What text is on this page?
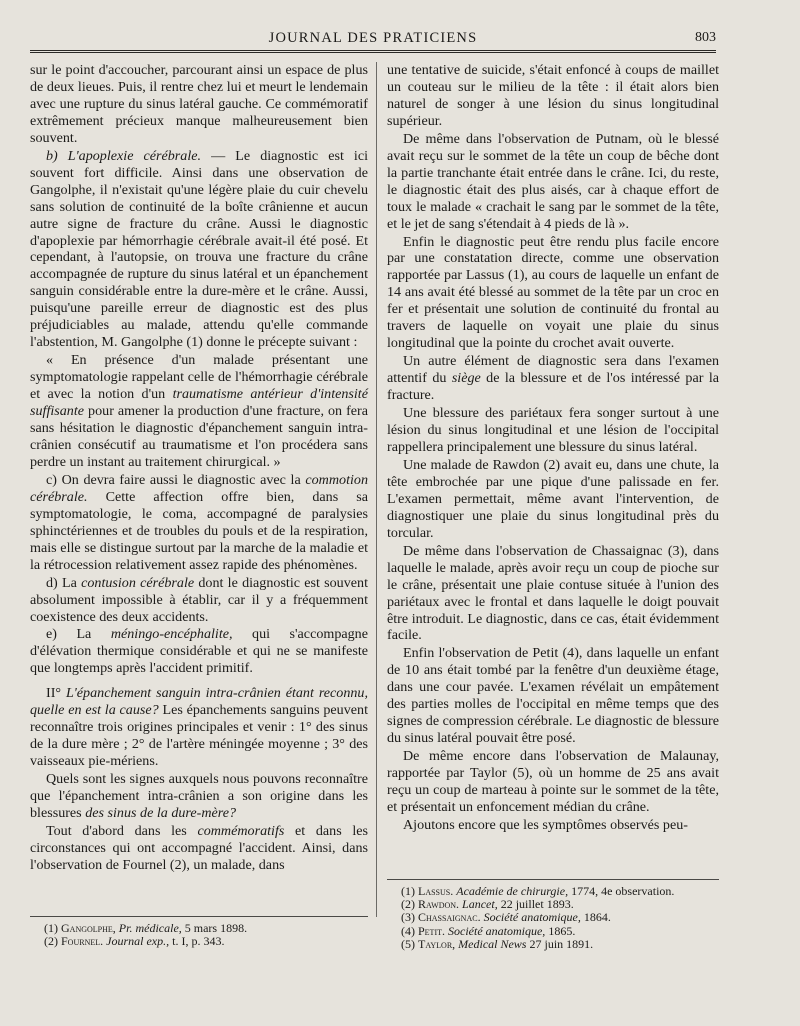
JOURNAL DES PRATICIENS	803

sur le point d'accoucher, parcourant ainsi un espace de plus de deux lieues. Puis, il rentre chez lui et meurt le lendemain avec une rupture du sinus latéral gauche. Ce commémoratif extrêmement précieux manque malheureusement bien souvent.

b) L'apoplexie cérébrale. — Le diagnostic est ici souvent fort difficile. Ainsi dans une observation de Gangolphe, il n'existait qu'une légère plaie du cuir chevelu sans solution de continuité de la boîte crânienne et aucun autre signe de fracture du crâne. Aussi le diagnostic d'apoplexie par hémorrhagie cérébrale avait-il été posé. Et cependant, à l'autopsie, on trouva une fracture du crâne accompagnée de rupture du sinus latéral et un épanchement sanguin considérable entre la dure-mère et le crâne. Aussi, puisqu'une pareille erreur de diagnostic est des plus préjudiciables au malade, attendu qu'elle commande l'abstention, M. Gangolphe (1) donne le précepte suivant :

« En présence d'un malade présentant une symptomatologie rappelant celle de l'hémorrhagie cérébrale et avec la notion d'un traumatisme antérieur d'intensité suffisante pour amener la production d'une fracture, on fera sans hésitation le diagnostic d'épanchement sanguin intra-crânien consécutif au traumatisme et l'on procédera sans perdre un instant au traitement chirurgical. »

c) On devra faire aussi le diagnostic avec la commotion cérébrale. Cette affection offre bien, dans sa symptomatologie, le coma, accompagné de paralysies sphinctériennes et de troubles du pouls et de la respiration, mais elle se distingue surtout par la marche de la maladie et la rétrocession relativement assez rapide des phénomènes.

d) La contusion cérébrale dont le diagnostic est souvent absolument impossible à établir, car il y a fréquemment coexistence des deux accidents.

e) La méningo-encéphalite, qui s'accompagne d'élévation thermique considérable et qui ne se manifeste que longtemps après l'accident primitif.

II° L'épanchement sanguin intra-crânien étant reconnu, quelle en est la cause? Les épanchements sanguins peuvent reconnaître trois origines principales et venir : 1° des sinus de la dure mère ; 2° de l'artère méningée moyenne ; 3° des vaisseaux pie-mériens.

Quels sont les signes auxquels nous pouvons reconnaître que l'épanchement intra-crânien a son origine dans les blessures des sinus de la dure-mère?

Tout d'abord dans les commémoratifs et dans les circonstances qui ont accompagné l'accident. Ainsi, dans l'observation de Fournel (2), un malade, dans

une tentative de suicide, s'était enfoncé à coups de maillet un couteau sur le milieu de la tête : il était alors bien naturel de songer à une lésion du sinus longitudinal supérieur.

De même dans l'observation de Putnam, où le blessé avait reçu sur le sommet de la tête un coup de bêche dont la partie tranchante était entrée dans le crâne. Ici, du reste, le diagnostic était des plus aisés, car à chaque effort de toux le malade « crachait le sang par le sommet de la tête, et le jet de sang s'étendait à 4 pieds de là ».

Enfin le diagnostic peut être rendu plus facile encore par une constatation directe, comme une observation rapportée par Lassus (1), au cours de laquelle un enfant de 14 ans avait été blessé au sommet de la tête par un croc en fer et présentait une solution de continuité du frontal au travers de laquelle on voyait une plaie du sinus longitudinal que la pointe du crochet avait ouverte.

Un autre élément de diagnostic sera dans l'examen attentif du siège de la blessure et de l'os intéressé par la fracture.

Une blessure des pariétaux fera songer surtout à une lésion du sinus longitudinal et une lésion de l'occipital rappellera principalement une blessure du sinus latéral.

Une malade de Rawdon (2) avait eu, dans une chute, la tête embrochée par une pique d'une palissade en fer. L'examen permettait, même avant l'intervention, de diagnostiquer une plaie du sinus longitudinal près du torcular.

De même dans l'observation de Chassaignac (3), dans laquelle le malade, après avoir reçu un coup de pioche sur le crâne, présentait une plaie contuse située à l'union des pariétaux avec le frontal et dans laquelle le doigt pouvait être introduit. Le diagnostic, dans ce cas, était évidemment facile.

Enfin l'observation de Petit (4), dans laquelle un enfant de 10 ans était tombé par la fenêtre d'un deuxième étage, dans une cour pavée. L'examen révélait un empâtement des parties molles de l'occipital en même temps que des signes de compression cérébrale. Le diagnostic de blessure du sinus latéral pouvait être posé.

De même encore dans l'observation de Malaunay, rapportée par Taylor (5), où un homme de 25 ans avait reçu un coup de marteau à pointe sur le sommet de la tête, et présentait un enfoncement médian du crâne.

Ajoutons encore que les symptômes observés peu-

(1) Gangolphe, Pr. médicale, 5 mars 1898.
(2) Fournel. Journal exp., t. I, p. 343.
(1) Lassus. Académie de chirurgie, 1774, 4e observation.
(2) Rawdon. Lancet, 22 juillet 1893.
(3) Chassaignac. Société anatomique, 1864.
(4) Petit. Société anatomique, 1865.
(5) Taylor, Medical News 27 juin 1891.
